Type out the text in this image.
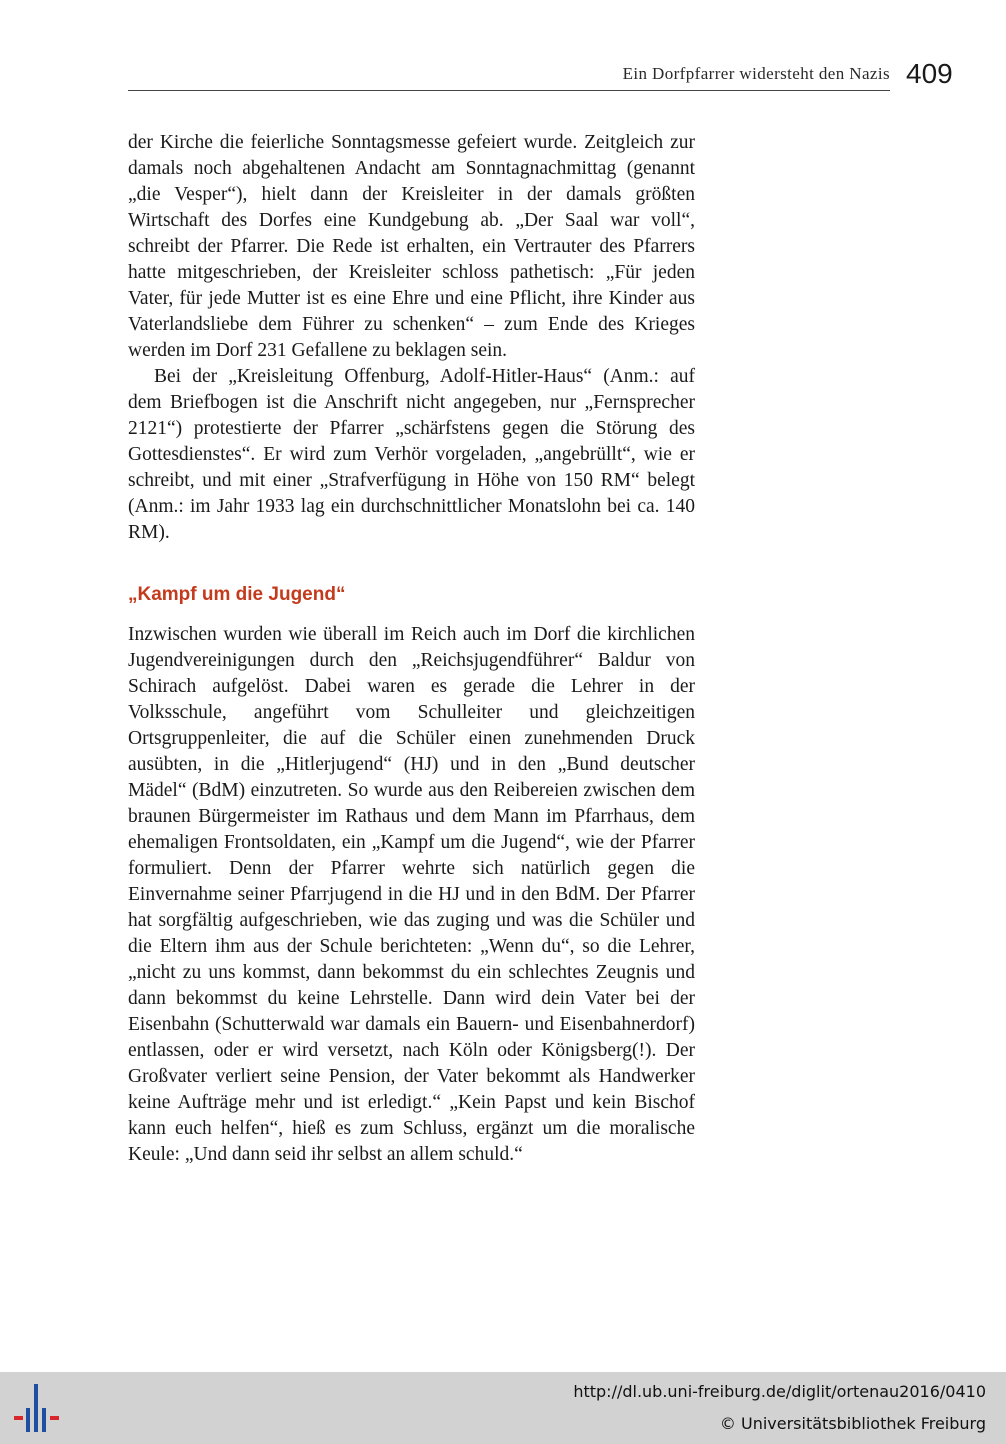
Ein Dorfpfarrer widersteht den Nazis 409

der Kirche die feierliche Sonntagsmesse gefeiert wurde. Zeitgleich zur damals noch abgehaltenen Andacht am Sonntagnachmittag (genannt „die Vesper“), hielt dann der Kreisleiter in der damals größten Wirtschaft des Dorfes eine Kundgebung ab. „Der Saal war voll“, schreibt der Pfarrer. Die Rede ist erhalten, ein Vertrauter des Pfarrers hatte mitgeschrieben, der Kreisleiter schloss pathetisch: „Für jeden Vater, für jede Mutter ist es eine Ehre und eine Pflicht, ihre Kinder aus Vaterlandsliebe dem Führer zu schenken“ – zum Ende des Krieges werden im Dorf 231 Gefallene zu beklagen sein.

Bei der „Kreisleitung Offenburg, Adolf-Hitler-Haus“ (Anm.: auf dem Briefbogen ist die Anschrift nicht angegeben, nur „Fernsprecher 2121“) protestierte der Pfarrer „schärfstens gegen die Störung des Gottesdienstes“. Er wird zum Verhör vorgeladen, „angebrüllt“, wie er schreibt, und mit einer „Strafverfügung in Höhe von 150 RM“ belegt (Anm.: im Jahr 1933 lag ein durchschnittlicher Monatslohn bei ca. 140 RM).

„Kampf um die Jugend“

Inzwischen wurden wie überall im Reich auch im Dorf die kirchlichen Jugendvereinigungen durch den „Reichsjugendführer“ Baldur von Schirach aufgelöst. Dabei waren es gerade die Lehrer in der Volksschule, angeführt vom Schulleiter und gleichzeitigen Ortsgruppenleiter, die auf die Schüler einen zunehmenden Druck ausübten, in die „Hitlerjugend“ (HJ) und in den „Bund deutscher Mädel“ (BdM) einzutreten. So wurde aus den Reibereien zwischen dem braunen Bürgermeister im Rathaus und dem Mann im Pfarrhaus, dem ehemaligen Frontsoldaten, ein „Kampf um die Jugend“, wie der Pfarrer formuliert. Denn der Pfarrer wehrte sich natürlich gegen die Einvernahme seiner Pfarrjugend in die HJ und in den BdM. Der Pfarrer hat sorgfältig aufgeschrieben, wie das zuging und was die Schüler und die Eltern ihm aus der Schule berichteten: „Wenn du“, so die Lehrer, „nicht zu uns kommst, dann bekommst du ein schlechtes Zeugnis und dann bekommst du keine Lehrstelle. Dann wird dein Vater bei der Eisenbahn (Schutterwald war damals ein Bauern- und Eisenbahnerdorf) entlassen, oder er wird versetzt, nach Köln oder Königsberg(!). Der Großvater verliert seine Pension, der Vater bekommt als Handwerker keine Aufträge mehr und ist erledigt.“ „Kein Papst und kein Bischof kann euch helfen“, hieß es zum Schluss, ergänzt um die moralische Keule: „Und dann seid ihr selbst an allem schuld.“

http://dl.ub.uni-freiburg.de/diglit/ortenau2016/0410
© Universitätsbibliothek Freiburg
